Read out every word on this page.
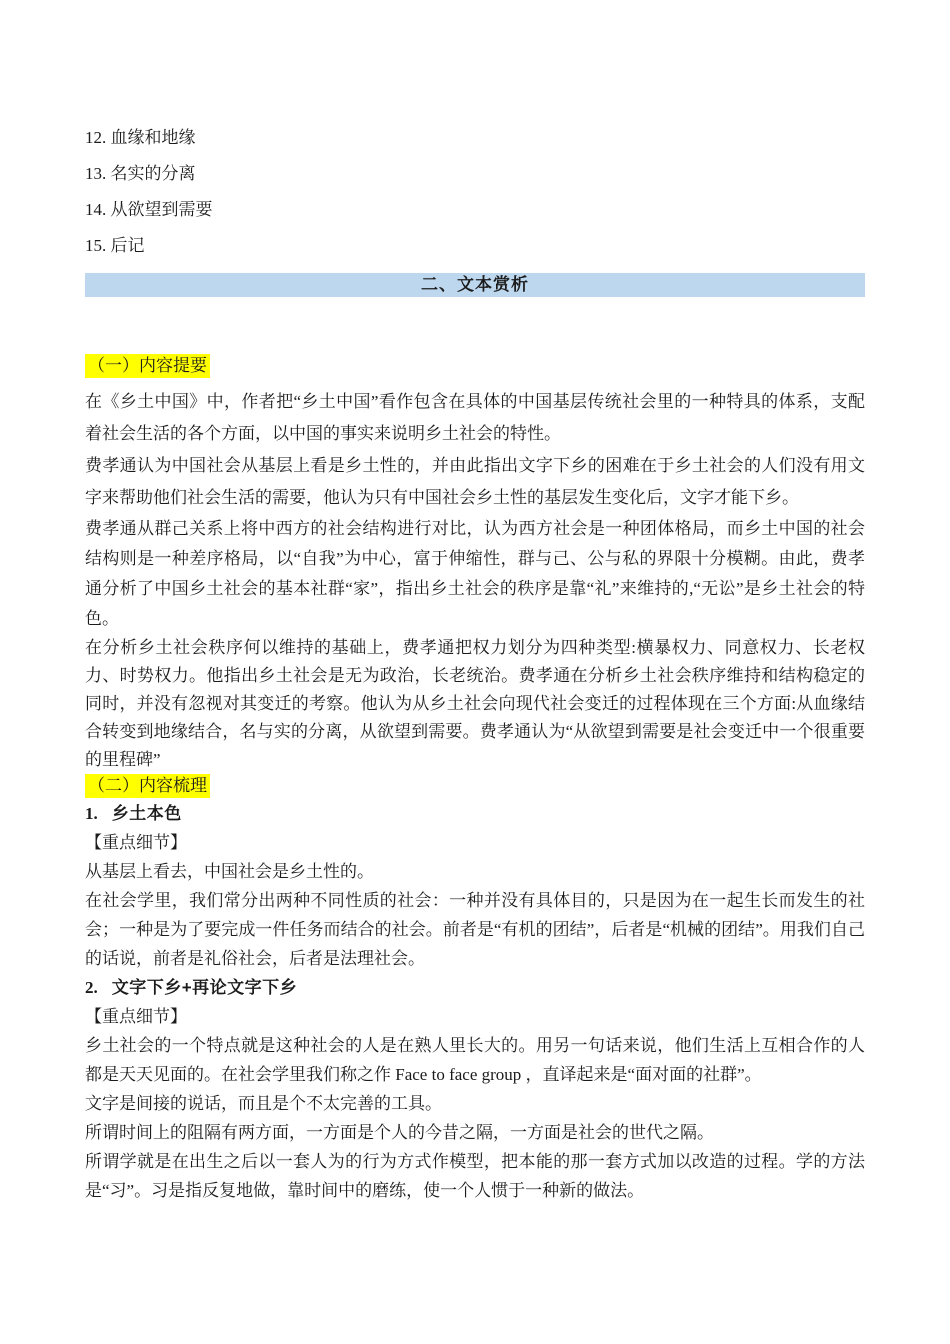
12. 血缘和地缘
13. 名实的分离
14. 从欲望到需要
15. 后记
二、文本赏析
（一）内容提要

在《乡土中国》中，作者把“乡土中国”看作包含在具体的中国基层传统社会里的一种特具的体系，支配着社会生活的各个方面，以中国的事实来说明乡土社会的特性。

费孝通认为中国社会从基层上看是乡土性的，并由此指出文字下乡的困难在于乡土社会的人们没有用文字来帮助他们社会生活的需要，他认为只有中国社会乡土性的基层发生变化后，文字才能下乡。

费孝通从群己关系上将中西方的社会结构进行对比，认为西方社会是一种团体格局，而乡土中国的社会结构则是一种差序格局，以“自我”为中心，富于伸缩性，群与己、公与私的界限十分模糊。由此，费孝通分析了中国乡土社会的基本社群“家”，指出乡土社会的秩序是靠“礼”来维持的,“无讼”是乡土社会的特色。

在分析乡土社会秩序何以维持的基础上，费孝通把权力划分为四种类型:横暴权力、同意权力、长老权力、时势权力。他指出乡土社会是无为政治，长老统治。费孝通在分析乡土社会秩序维持和结构稳定的同时，并没有忽视对其变迁的考察。他认为从乡土社会向现代社会变迁的过程体现在三个方面:从血缘结合转变到地缘结合，名与实的分离，从欲望到需要。费孝通认为“从欲望到需要是社会变迁中一个很重要的里程碑”

（二）内容梳理

1. 乡土本色

【重点细节】

从基层上看去，中国社会是乡土性的。

在社会学里，我们常分出两种不同性质的社会：一种并没有具体目的，只是因为在一起生长而发生的社会；一种是为了要完成一件任务而结合的社会。前者是“有机的团结”，后者是“机械的团结”。用我们自己的话说，前者是礼俗社会，后者是法理社会。

2. 文字下乡+再论文字下乡

【重点细节】

乡土社会的一个特点就是这种社会的人是在熟人里长大的。用另一句话来说，他们生活上互相合作的人都是天天见面的。在社会学里我们称之作 Face to face group ，直译起来是“面对面的社群”。

文字是间接的说话，而且是个不太完善的工具。

所谓时间上的阻隔有两方面，一方面是个人的今昔之隔，一方面是社会的世代之隔。

所谓学就是在出生之后以一套人为的行为方式作模型，把本能的那一套方式加以改造的过程。学的方法是“习”。习是指反复地做，靠时间中的磨练，使一个人惯于一种新的做法。
